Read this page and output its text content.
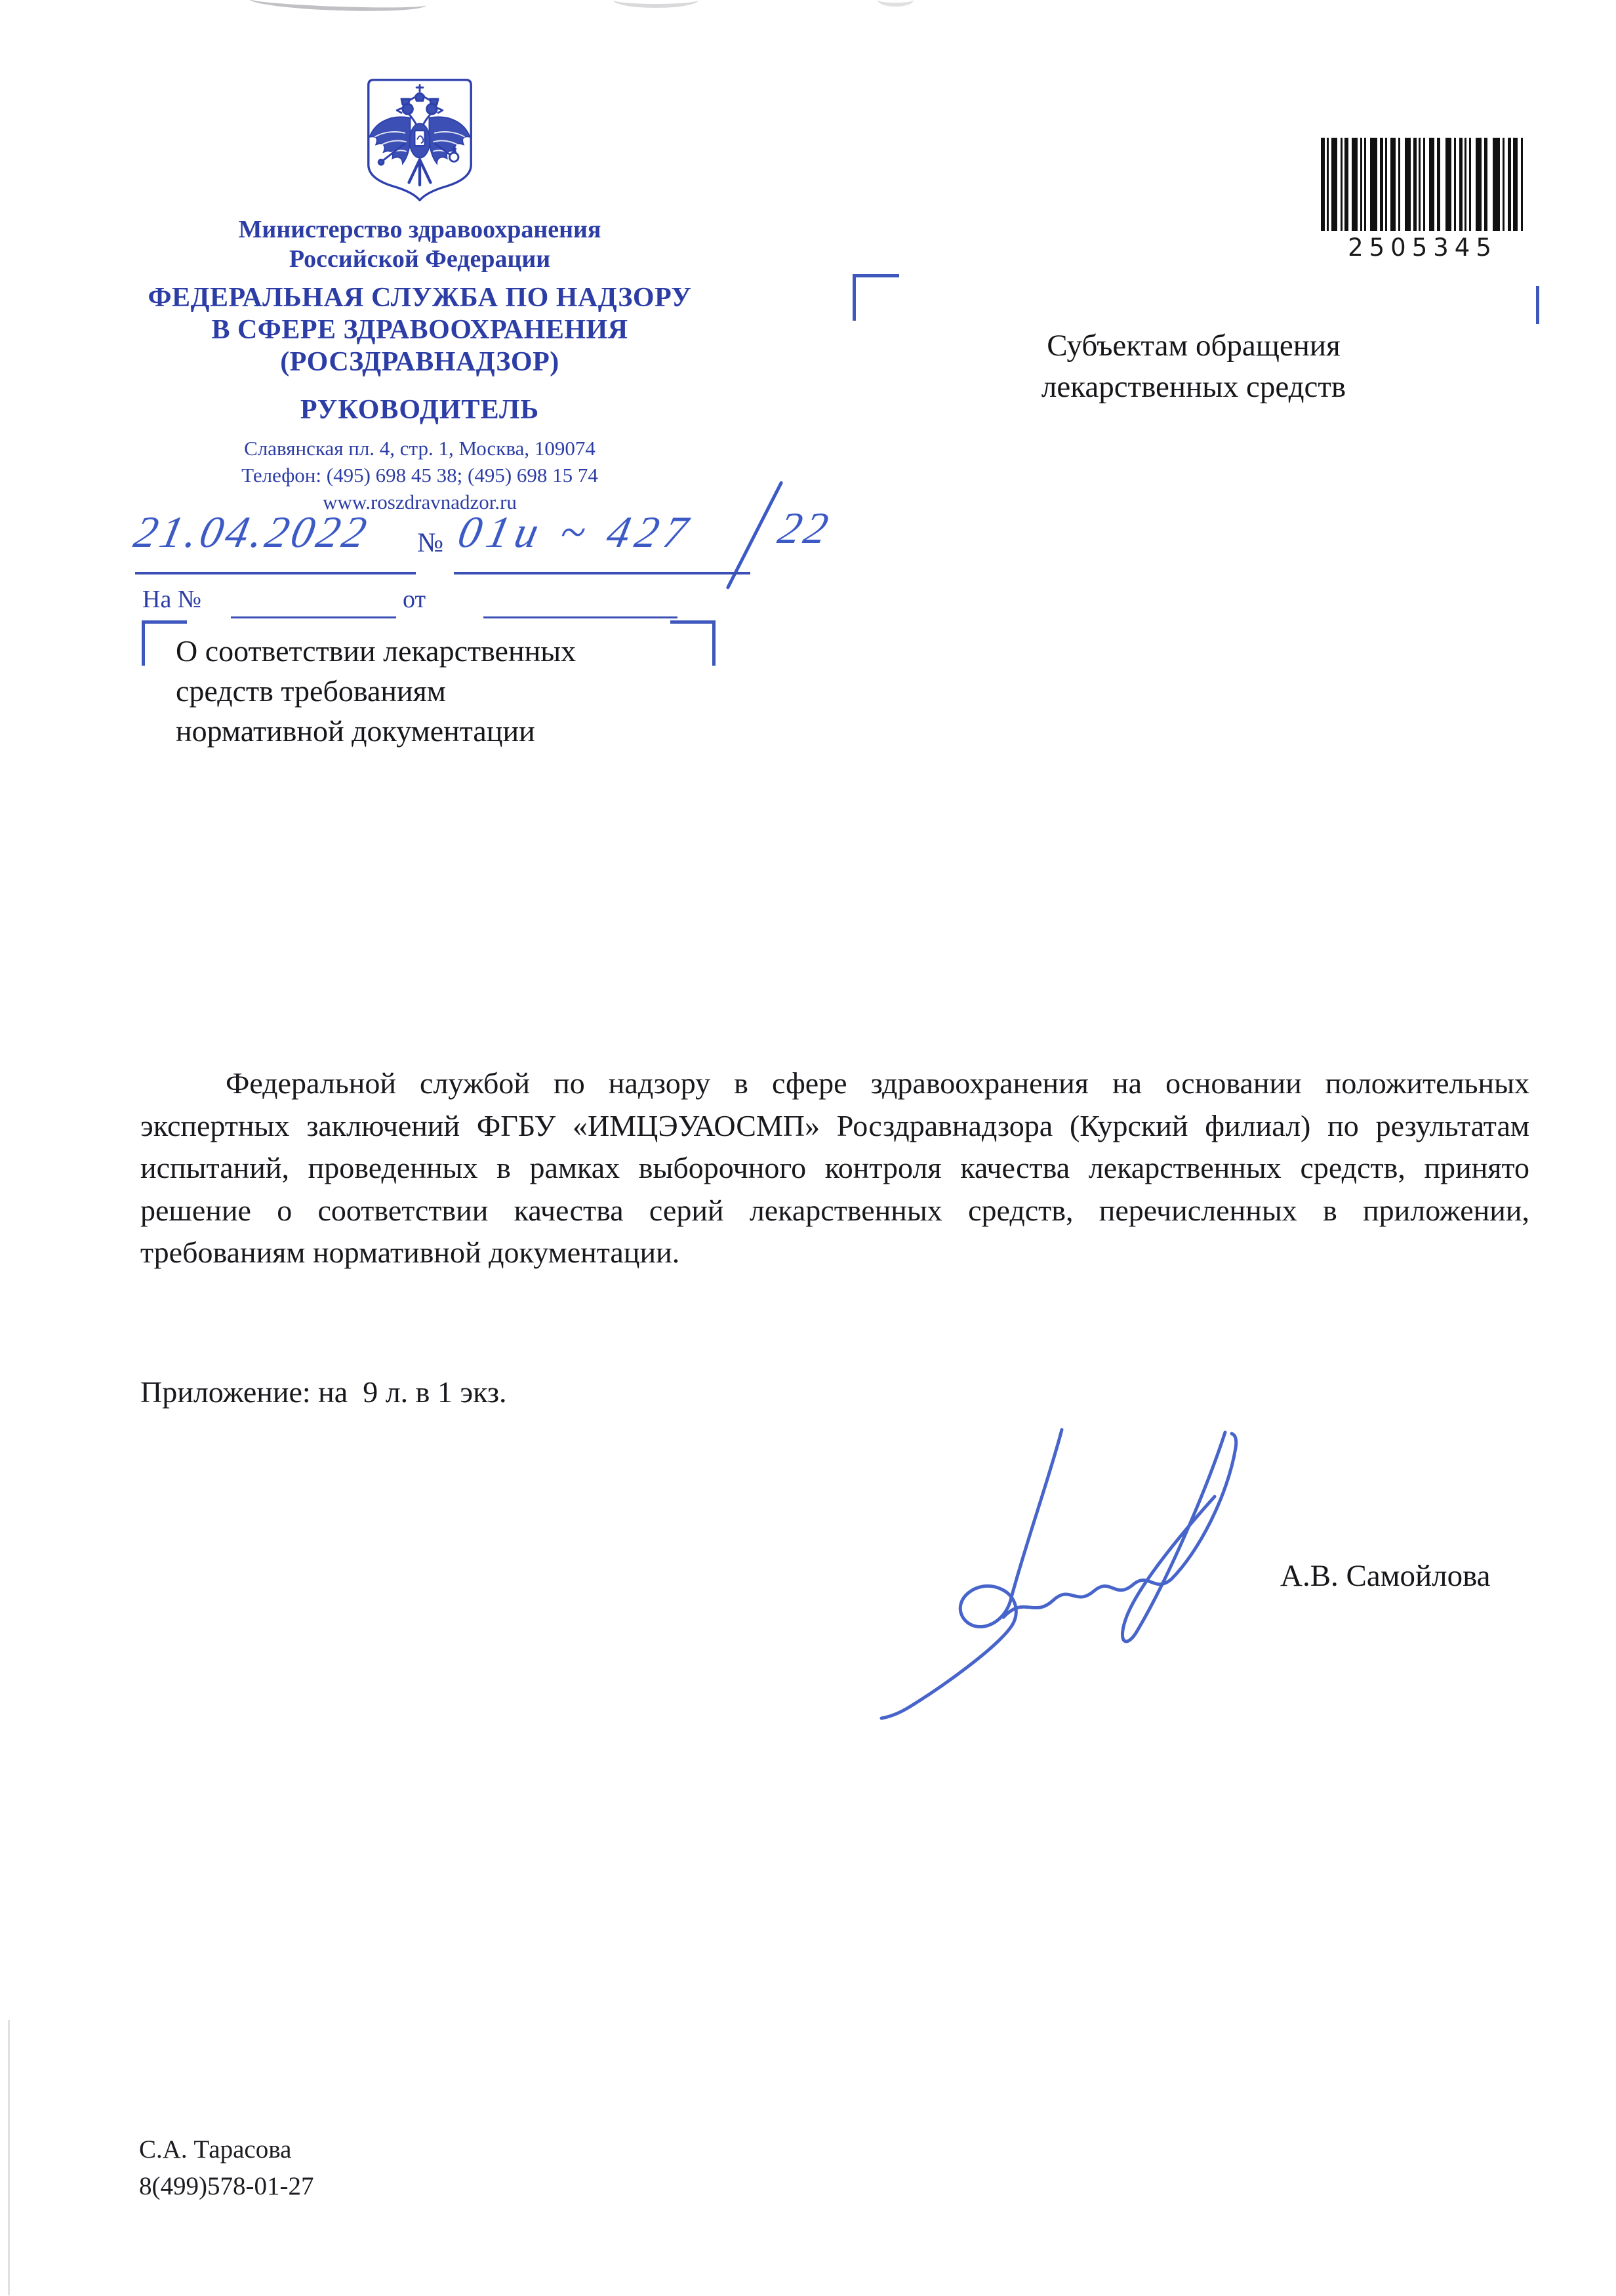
Министерство здравоохранения
Российской Федерации
ФЕДЕРАЛЬНАЯ СЛУЖБА ПО НАДЗОРУ
В СФЕРЕ ЗДРАВООХРАНЕНИЯ
(РОСЗДРАВНАДЗОР)
РУКОВОДИТЕЛЬ
Славянская пл. 4, стр. 1, Москва, 109074
Телефон: (495) 698 45 38; (495) 698 15 74
www.roszdravnadzor.ru
21.04.2022 № 01и ~ 427 22
На №	от
2505345
Субъектам обращения
лекарственных средств
О соответствии лекарственных
средств требованиям
нормативной документации
Федеральной службой по надзору в сфере здравоохранения на основании положительных экспертных заключений ФГБУ «ИМЦЭУАОСМП» Росздравнадзора (Курский филиал) по результатам испытаний, проведенных в рамках выборочного контроля качества лекарственных средств, принято решение о соответствии качества серий лекарственных средств, перечисленных в приложении, требованиям нормативной документации.
Приложение: на  9 л. в 1 экз.
А.В. Самойлова
С.А. Тарасова
8(499)578-01-27
